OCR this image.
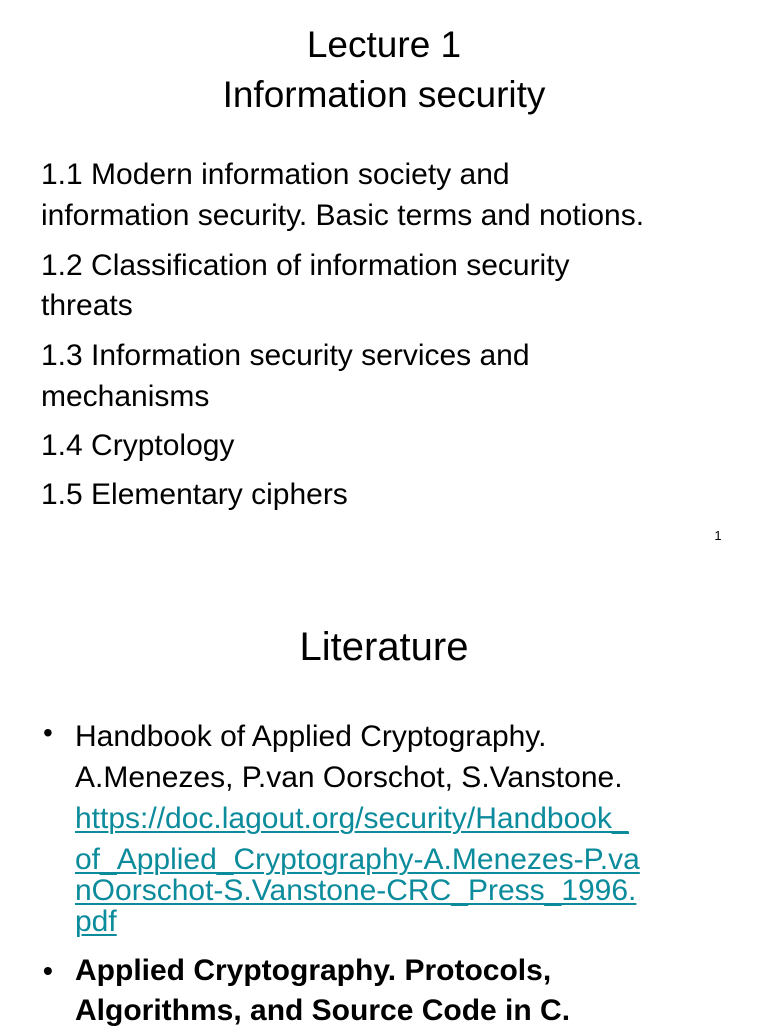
Lecture 1
Information security
1.1 Modern information society and
information security. Basic terms and notions.
1.2 Classification of information security
threats
1.3 Information security services and
mechanisms
1.4 Cryptology
1.5 Elementary ciphers
1
Literature
• Handbook of Applied Cryptography.
A.Menezes, P.van Oorschot, S.Vanstone.
https://doc.lagout.org/security/Handbook_
of_Applied_Cryptography-A.Menezes-P.va
nOorschot-S.Vanstone-CRC_Press_1996.
pdf
• Applied Cryptography. Protocols,
Algorithms, and Source Code in C.
